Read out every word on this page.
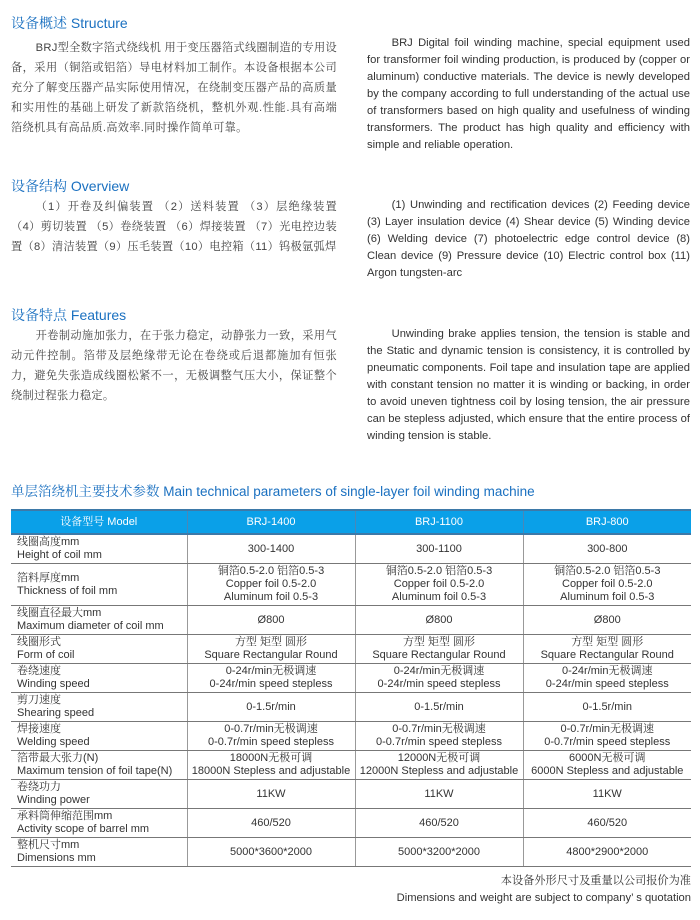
设备概述 Structure

BRJ型全数字箔式绕线机 用于变压器箔式线圈制造的专用设备，采用（铜箔或铝箔）导电材料加工制作。本设备根据本公司充分了解变压器产品实际使用情况，在绕制变压器产品的高质量和实用性的基础上研发了新款箔绕机，整机外观.性能.具有高端箔绕机具有高品质.高效率.同时操作简单可靠。

BRJ Digital foil winding machine, special equipment used for transformer foil winding production, is produced by (copper or aluminum) conductive materials. The device is newly developed by the company according to full understanding of the actual use of transformers based on high quality and usefulness of winding transformers. The product has high quality and efficiency with simple and reliable operation.

设备结构 Overview

（1）开卷及纠偏装置 （2）送料装置 （3）层绝缘装置（4）剪切装置 （5）卷绕装置 （6）焊接装置 （7）光电控边装置（8）清洁装置（9）压毛装置（10）电控箱（11）钨极氩弧焊

(1) Unwinding and rectification devices (2) Feeding device (3) Layer insulation device (4) Shear device (5) Winding device (6) Welding device (7) photoelectric edge control device (8) Clean device (9) Pressure device (10) Electric control box (11) Argon tungsten-arc

设备特点 Features

开卷制动施加张力，在于张力稳定，动静张力一致，采用气动元件控制。箔带及层绝缘带无论在卷绕或后退都施加有恒张力，避免失张造成线圈松紧不一，无极调整气压大小，保证整个绕制过程张力稳定。

Unwinding brake applies tension, the tension is stable and the Static and dynamic tension is consistency, it is controlled by pneumatic components. Foil tape and insulation tape are applied with constant tension no matter it is winding or backing, in order to avoid uneven tightness coil by losing tension, the air pressure can be stepless adjusted, which ensure that the entire process of winding tension is stable.

单层箔绕机主要技术参数 Main technical parameters of single-layer foil winding machine
设备型号 Model	BRJ-1400	BRJ-1100	BRJ-800

线圈高度mm
Height of coil mm	300-1400	300-1100	300-800

箔料厚度mm
Thickness of foil mm	铜箔0.5-2.0 铝箔0.5-3
Copper foil 0.5-2.0
Aluminum foil 0.5-3	铜箔0.5-2.0 铝箔0.5-3
Copper foil 0.5-2.0
Aluminum foil 0.5-3	铜箔0.5-2.0 铝箔0.5-3
Copper foil 0.5-2.0
Aluminum foil 0.5-3

线圈直径最大mm
Maximum diameter of coil mm	Ø800	Ø800	Ø800

线圈形式
Form of coil	方型 矩型 圆形
Square Rectangular Round	方型 矩型 圆形
Square Rectangular Round	方型 矩型 圆形
Square Rectangular Round

卷绕速度
Winding speed	0-24r/min无极调速
0-24r/min speed stepless	0-24r/min无极调速
0-24r/min speed stepless	0-24r/min无极调速
0-24r/min speed stepless

剪刀速度
Shearing speed	0-1.5r/min	0-1.5r/min	0-1.5r/min

焊接速度
Welding speed	0-0.7r/min无极调速
0-0.7r/min speed stepless	0-0.7r/min无极调速
0-0.7r/min speed stepless	0-0.7r/min无极调速
0-0.7r/min speed stepless

箔带最大张力(N)
Maximum tension of foil tape(N)	18000N无极可调
18000N Stepless and adjustable	12000N无极可调
12000N Stepless and adjustable	6000N无极可调
6000N Stepless and adjustable

卷绕功力
Winding power	11KW	11KW	11KW

承料筒伸缩范围mm
Activity scope of barrel mm	460/520	460/520	460/520

整机尺寸mm
Dimensions mm	5000*3600*2000	5000*3200*2000	4800*2900*2000

本设备外形尺寸及重量以公司报价为准

Dimensions and weight are subject to company’ s quotation
